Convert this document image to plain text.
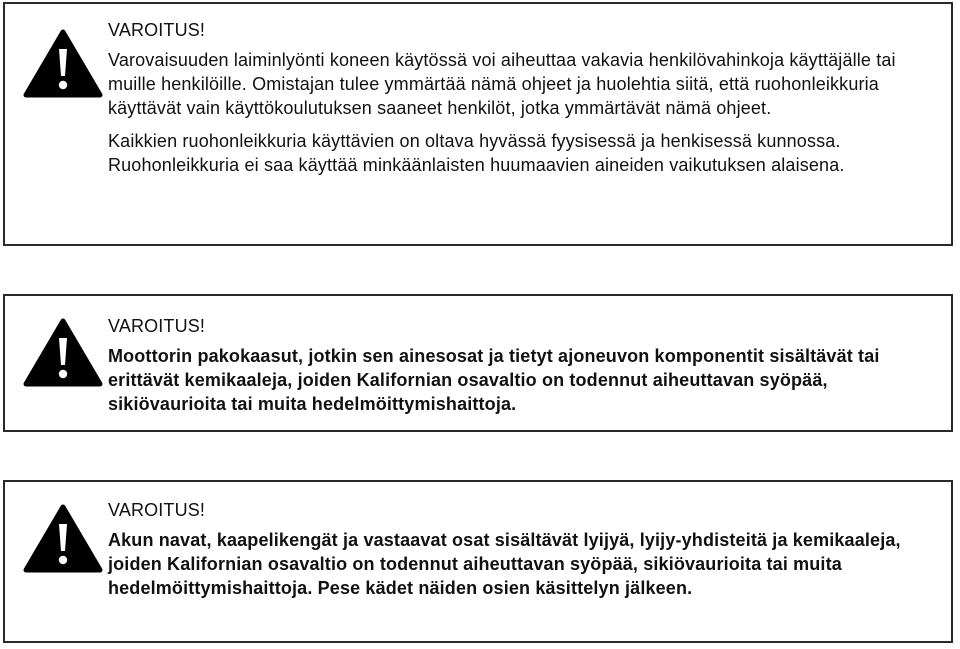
VAROITUS!

Varovaisuuden laiminlyönti koneen käytössä voi aiheuttaa vakavia henkilövahinkoja käyttäjälle tai muille henkilöille. Omistajan tulee ymmärtää nämä ohjeet ja huolehtia siitä, että ruohonleikkuria käyttävät vain käyttökoulutuksen saaneet henkilöt, jotka ymmärtävät nämä ohjeet.

Kaikkien ruohonleikkuria käyttävien on oltava hyvässä fyysisessä ja henkisessä kunnossa. Ruohonleikkuria ei saa käyttää minkäänlaisten huumaavien aineiden vaikutuksen alaisena.

VAROITUS!

Moottorin pakokaasut, jotkin sen ainesosat ja tietyt ajoneuvon komponentit sisältävät tai erittävät kemikaaleja, joiden Kalifornian osavaltio on todennut aiheuttavan syöpää, sikiövaurioita tai muita hedelmöittymishaittoja.

VAROITUS!

Akun navat, kaapelikengät ja vastaavat osat sisältävät lyijyä, lyijy-yhdisteitä ja kemikaaleja, joiden Kalifornian osavaltio on todennut aiheuttavan syöpää, sikiövaurioita tai muita hedelmöittymishaittoja. Pese kädet näiden osien käsittelyn jälkeen.
